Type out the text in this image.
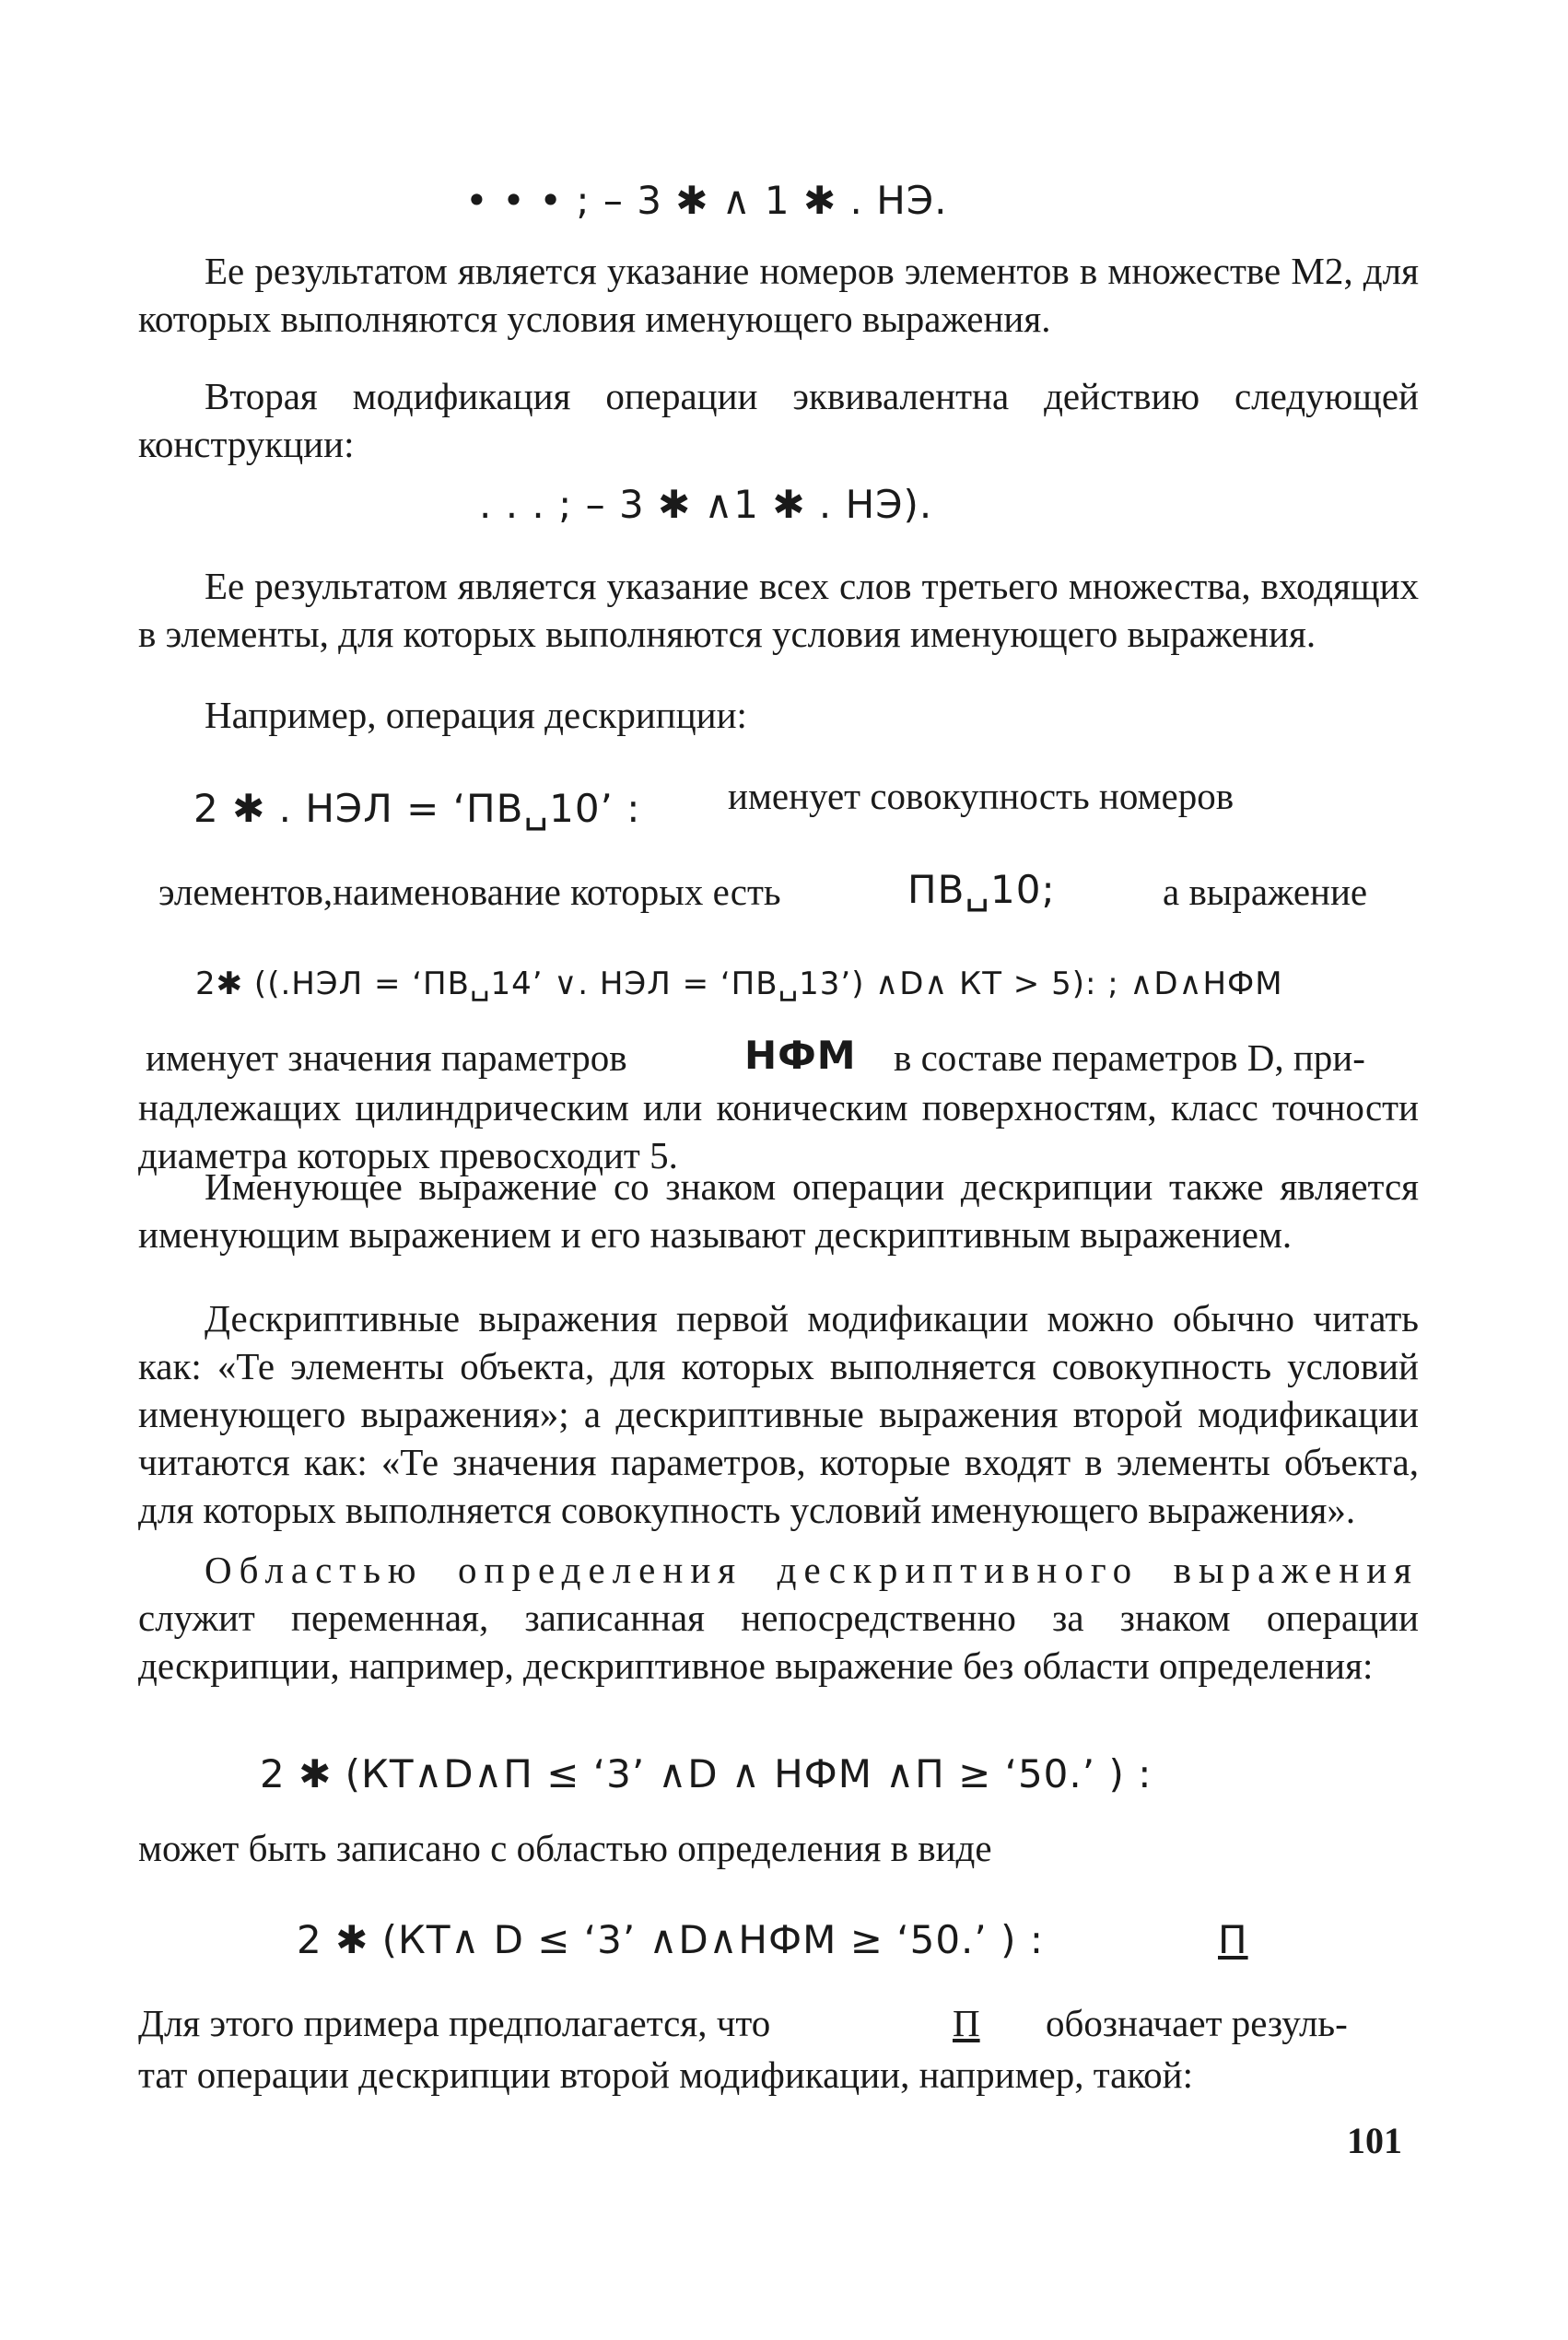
• • • ; – 3 ✱ ∧ 1 ✱ . НЭ.

Ее результатом является указание номеров элементов в множестве М2, для которых выполняются условия именующего выражения.

Вторая модификация операции эквивалентна действию следующей конструкции:

. . . ; – 3 ✱ ∧1 ✱ . НЭ).

Ее результатом является указание всех слов третьего множества, входящих в элементы, для которых выполняются условия именующего выражения.

Например, операция дескрипции:

2 ✱ . НЭЛ = ‘ПВ␣10’ : именует совокупность номеров
элементов,наименование которых есть	ПВ␣10;	а выражение
2✱ ((.НЭЛ = ‘ПВ␣14’ ∨. НЭЛ = ‘ПВ␣13’) ∧D∧ КТ > 5): ; ∧D∧НФМ
именует значения параметров	НФМ в составе пераметров D, при-

надлежащих цилиндрическим или коническим поверхностям, класс точности диаметра которых превосходит 5.

Именующее выражение со знаком операции дескрипции также является именующим выражением и его называют дескриптивным выражением.

Дескриптивные выражения первой модификации можно обычно читать как: «Те элементы объекта, для которых выполняется совокупность условий именующего выражения»; а дескриптивные выражения второй модификации читаются как: «Те значения параметров, которые входят в элементы объекта, для которых выполняется совокупность условий именующего выражения».

Областью определения дескриптивного выражения служит переменная, записанная непосредственно за знаком операции дескрипции, например, дескриптивное выражение без области определения:

2 ✱ (КТ∧D∧П ≤ ‘3’ ∧D ∧ НФМ ∧П ≥ ‘50.’ ) :
может быть записано с областью определения в виде
2 ✱ (КТ∧ D ≤ ‘3’ ∧D∧НФМ ≥ ‘50.’ ) :	П
Для этого примера предполагается, что	П обозначает резуль-
тат операции дескрипции второй модификации, например, такой:
101
